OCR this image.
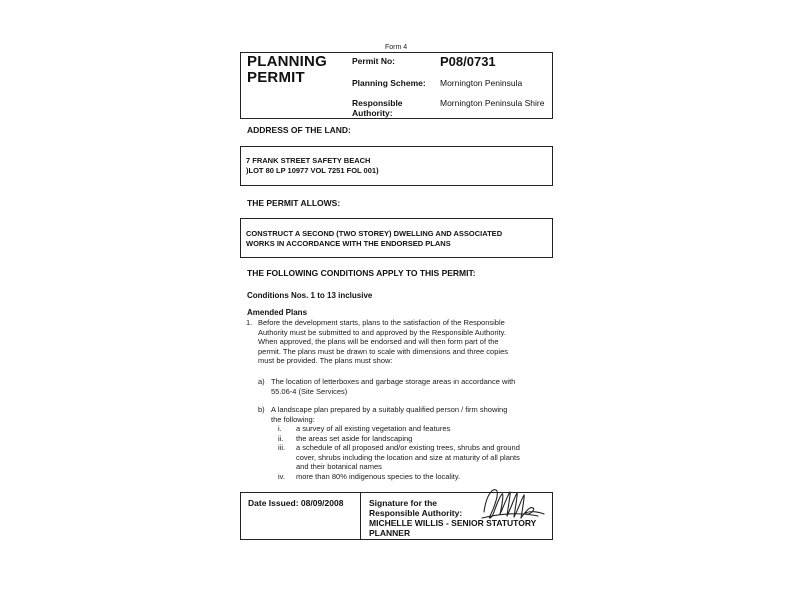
Form 4
PLANNING
PERMIT
Permit No:	P08/0731
Planning Scheme: Mornington Peninsula
Responsible
Authority:
Mornington Peninsula Shire
ADDRESS OF THE LAND:
7 FRANK STREET SAFETY BEACH
)LOT 80 LP 10977 VOL 7251 FOL 001)
THE PERMIT ALLOWS:
CONSTRUCT A SECOND (TWO STOREY) DWELLING AND ASSOCIATED
WORKS IN ACCORDANCE WITH THE ENDORSED PLANS
THE FOLLOWING CONDITIONS APPLY TO THIS PERMIT:
Conditions Nos. 1 to 13 inclusive
Amended Plans
1. Before the development starts, plans to the satisfaction of the Responsible
Authority must be submitted to and approved by the Responsible Authority.
When approved, the plans will be endorsed and will then form part of the
permit. The plans must be drawn to scale with dimensions and three copies
must be provided. The plans must show:
a) The location of letterboxes and garbage storage areas in accordance with
55.06-4 (Site Services)
b) A landscape plan prepared by a suitably qualified person / firm showing
the following:
i. a survey of all existing vegetation and features
ii. the areas set aside for landscaping
iii. a schedule of all proposed and/or existing trees, shrubs and ground
cover, shrubs including the location and size at maturity of all plants
and their botanical names
iv. more than 80% indigenous species to the locality.
Date Issued: 08/09/2008	Signature for the
Responsible Authority:
MICHELLE WILLIS - SENIOR STATUTORY
PLANNER
